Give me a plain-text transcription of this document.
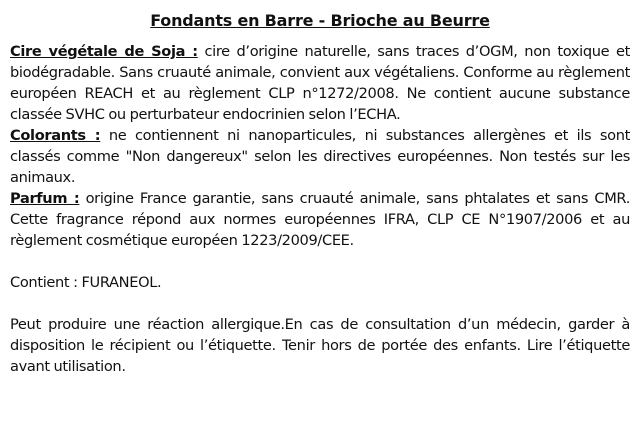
Fondants en Barre - Brioche au Beurre

Cire végétale de Soja : cire d’origine naturelle, sans traces d’OGM, non toxique et biodégradable. Sans cruauté animale, convient aux végétaliens. Conforme au règlement européen REACH et au règlement CLP n°1272/2008. Ne contient aucune substance classée SVHC ou perturbateur endocrinien selon l’ECHA.

Colorants : ne contiennent ni nanoparticules, ni substances allergènes et ils sont classés comme "Non dangereux" selon les directives européennes. Non testés sur les animaux.

Parfum : origine France garantie, sans cruauté animale, sans phtalates et sans CMR. Cette fragrance répond aux normes européennes IFRA, CLP CE N°1907/2006 et au règlement cosmétique européen 1223/2009/CEE.

Contient : FURANEOL.

Peut produire une réaction allergique.En cas de consultation d’un médecin, garder à disposition le récipient ou l’étiquette. Tenir hors de portée des enfants. Lire l’étiquette avant utilisation.
